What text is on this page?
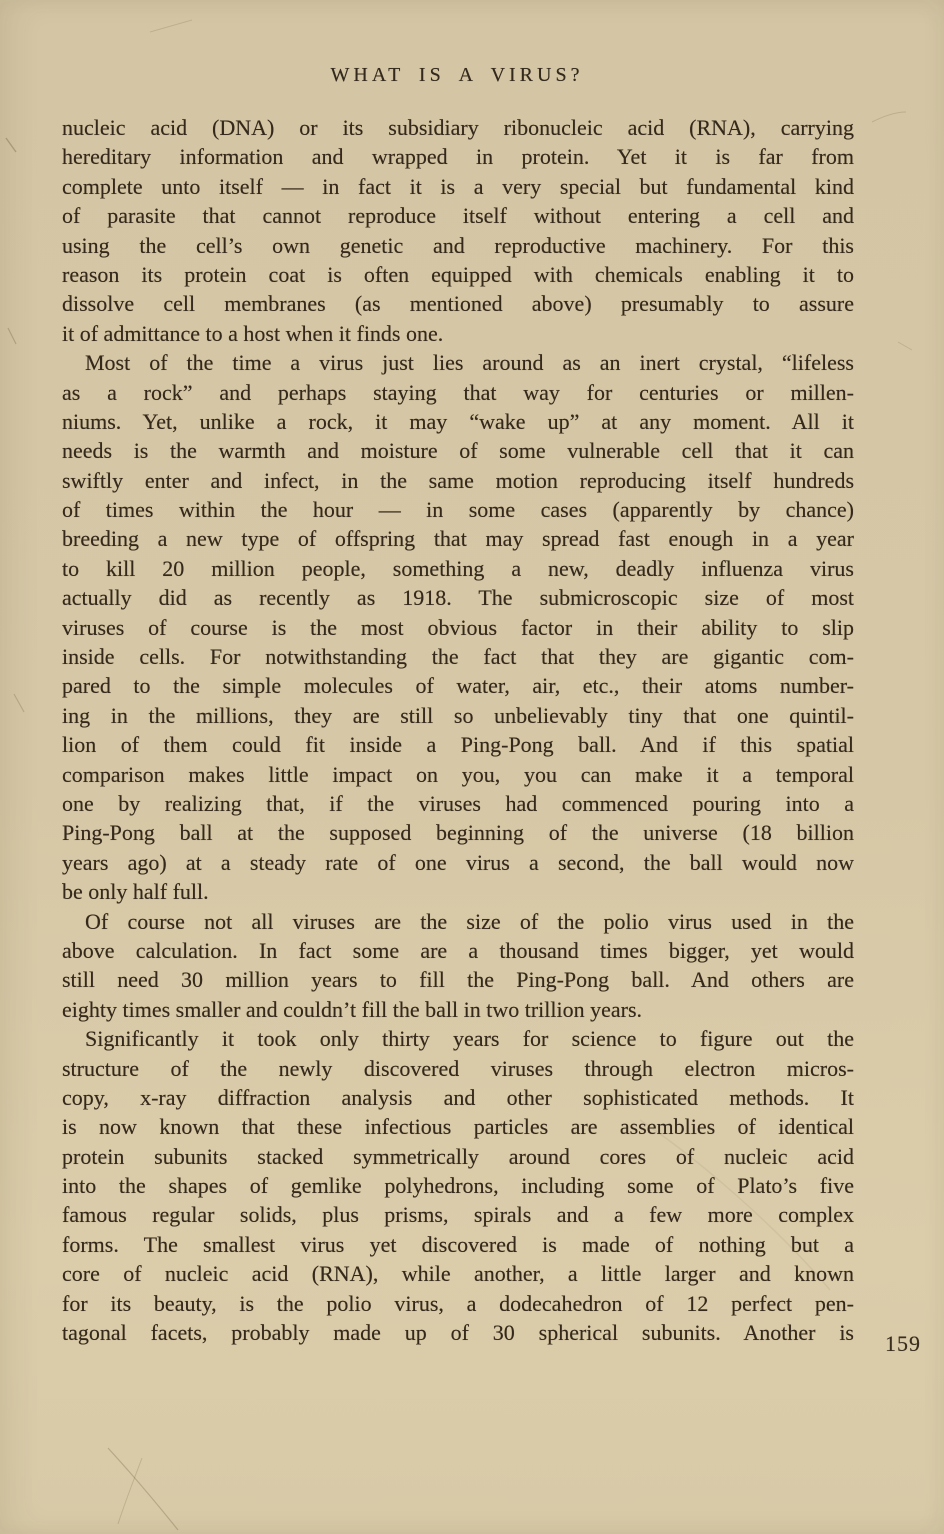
WHAT IS A VIRUS?
nucleic acid (DNA) or its subsidiary ribonucleic acid (RNA), carrying
hereditary information and wrapped in protein. Yet it is far from
complete unto itself — in fact it is a very special but fundamental kind
of parasite that cannot reproduce itself without entering a cell and
using the cell’s own genetic and reproductive machinery. For this
reason its protein coat is often equipped with chemicals enabling it to
dissolve cell membranes (as mentioned above) presumably to assure
it of admittance to a host when it finds one.
Most of the time a virus just lies around as an inert crystal, “lifeless
as a rock” and perhaps staying that way for centuries or millen-
niums. Yet, unlike a rock, it may “wake up” at any moment. All it
needs is the warmth and moisture of some vulnerable cell that it can
swiftly enter and infect, in the same motion reproducing itself hundreds
of times within the hour — in some cases (apparently by chance)
breeding a new type of offspring that may spread fast enough in a year
to kill 20 million people, something a new, deadly influenza virus
actually did as recently as 1918. The submicroscopic size of most
viruses of course is the most obvious factor in their ability to slip
inside cells. For notwithstanding the fact that they are gigantic com-
pared to the simple molecules of water, air, etc., their atoms number-
ing in the millions, they are still so unbelievably tiny that one quintil-
lion of them could fit inside a Ping-Pong ball. And if this spatial
comparison makes little impact on you, you can make it a temporal
one by realizing that, if the viruses had commenced pouring into a
Ping-Pong ball at the supposed beginning of the universe (18 billion
years ago) at a steady rate of one virus a second, the ball would now
be only half full.
Of course not all viruses are the size of the polio virus used in the
above calculation. In fact some are a thousand times bigger, yet would
still need 30 million years to fill the Ping-Pong ball. And others are
eighty times smaller and couldn’t fill the ball in two trillion years.
Significantly it took only thirty years for science to figure out the
structure of the newly discovered viruses through electron micros-
copy, x-ray diffraction analysis and other sophisticated methods. It
is now known that these infectious particles are assemblies of identical
protein subunits stacked symmetrically around cores of nucleic acid
into the shapes of gemlike polyhedrons, including some of Plato’s five
famous regular solids, plus prisms, spirals and a few more complex
forms. The smallest virus yet discovered is made of nothing but a
core of nucleic acid (RNA), while another, a little larger and known
for its beauty, is the polio virus, a dodecahedron of 12 perfect pen-
tagonal facets, probably made up of 30 spherical subunits. Another is 159
